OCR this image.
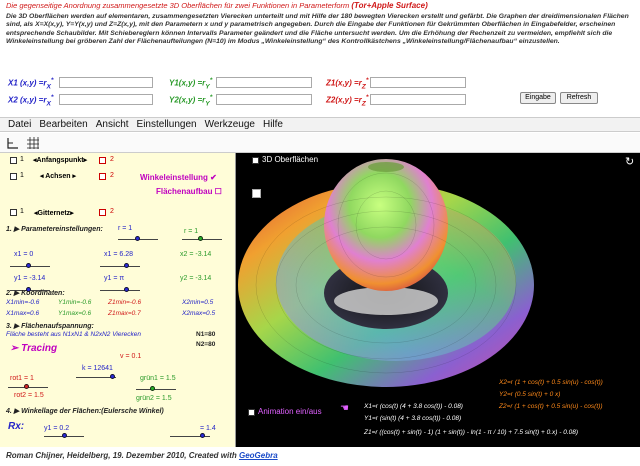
Die gegenseitige Anordnung zusammengesetzte 3D Oberflächen für zwei Funktionen in Parameterform (Tor+Apple Surface)
Die 3D Oberflächen werden auf elementaren, zusammengesetzten Vierecken unterteilt und mit Hilfe der 180 bewegten Vierecken erstellt und gefärbt. Die Graphen der dreidimensionalen Flächen sind, als X=X(x,y), Y=Y(x,y) und Z=Z(x,y), mit den Parametern x und y parametrisch angegeben. Durch die Eingabe der Funktionen für Gekrümmten Oberflächen in Eingabefelder, erscheinen entsprechende Schaubilder. Mit Schiebereglern können Intervalls Parameter geändert und die Fläche untersucht werden. Um die Erhöhung der Rechenzeit zu vermeiden, empfiehlt sich die Winkeleinstellung bei gröberen Zahl der Flächenaufteilungen (N=10) im Modus „Winkeleinstellung“ des Kontrollkästchens „Winkeleinstellung/Flächenaufbau“ einzustellen.
X1 $(x,y) =r_X^*$	$Y1(x,y) =r_Y^*$	$Z1(x,y) =r_Z^*$
X2 $(x,y) =r_X^*$	$Y2(x,y) =r_Y^*$	$Z2(x,y) =r_Z^*$	Eingabe	Refresh
Datei Bearbeiten Ansicht Einstellungen Werkzeuge Hilfe
1 ◂Anfangspunkt▸	2
1 ◂ Achsen ▸	2	Winkeleinstellung ✔
Flächenaufbau ☐
1 ◂Gitternetz▸	2
1. ▶ Parametereinstellungen: r = 1	r = 1
x1 = 0	x1 = 6.28	x2 = -3.14
y1 = -3.14	y1 = π	y2 = -3.14
2. ▶ Koordinaten:
X1min=-0.6	Y1min=-0.6	Z1min=-0.6	X2min=0.5
X1max=0.6	Y1max=0.6	Z1max=0.7	X2max=0.5
3. ▶ Flächenaufspannung:
Fläche besteht aus N1xN1 & N2xN2 Vierecken	N1=80
N2=80
➢ Tracing
v = 0.1
k = 12641
rot1 = 1	grün1 = 1.5
rot2 = 1.5	grün2 = 1.5
4. ▶ Winkellage der Flächen:(Eulersche Winkel)
Rx:	y1 = 0.2	= 1.4
3D Oberflächen	↻
X2=r (1 + cos(t) + 0.5 sin(u) - cos(t))
Y2=r (0.5 sin(t) + 0 x)
Z2=r (1 + cos(t) + 0.5 sin(u) - cos(t))
Animation ein/aus ☚ X1=r (cos(t) (4 + 3.8 cos(t)) - 0.08)
Y1=r (sin(t) (4 + 3.8 cos(t)) - 0.08)
Z1=r ((cos(t) + sin(t) - 1) (1 + sin(t)) - ln(1 - π / 10) + 7.5 sin(t) + 0.x) - 0.08)
Roman Chijner, Heidelberg, 19. Dezember 2010, Created with GeoGebra
